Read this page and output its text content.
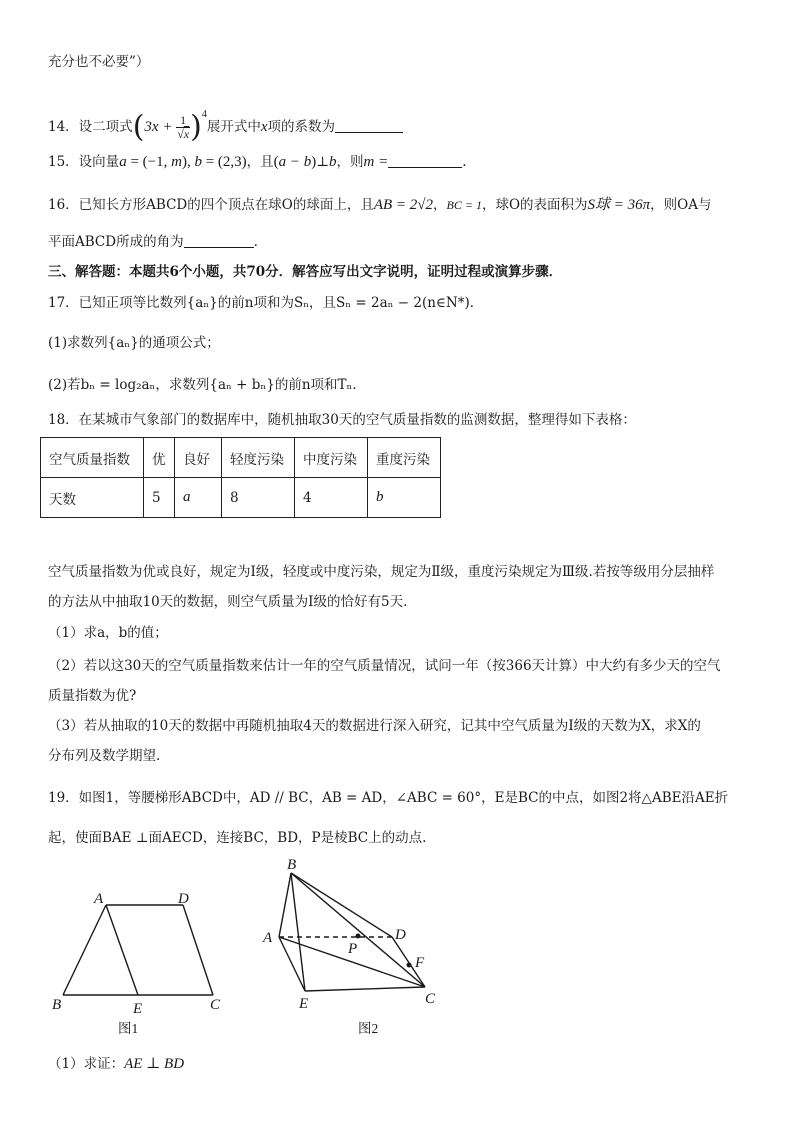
充分也不必要”）
14．设二项式$(3x + \frac{1}{√x} )^4$展开式中x项的系数为
15．设向量a = (−1, m), b = (2,3)，且(a − b)⊥b，则m =	.
16．已知长方形ABCD的四个顶点在球O的球面上，且AB = 2√2，BC = 1，球O的表面积为S球 = 36π，则OA与
平面ABCD所成的角为	.
三、解答题：本题共6个小题，共70分．解答应写出文字说明，证明过程或演算步骤．
17．已知正项等比数列{aₙ}的前n项和为Sₙ，且Sₙ = 2aₙ − 2(n∈N*)．
(1)求数列{aₙ}的通项公式；
(2)若bₙ = log₂aₙ，求数列{aₙ + bₙ}的前n项和Tₙ．
18．在某城市气象部门的数据库中，随机抽取30天的空气质量指数的监测数据，整理得如下表格：
空气质量指数	优	良好	轻度污染	中度污染	重度污染
天数	5	a	8	4	b
空气质量指数为优或良好，规定为Ⅰ级，轻度或中度污染，规定为Ⅱ级，重度污染规定为Ⅲ级.若按等级用分层抽样
的方法从中抽取10天的数据，则空气质量为Ⅰ级的恰好有5天.
（1）求a，b的值；
（2）若以这30天的空气质量指数来估计一年的空气质量情况，试问一年（按366天计算）中大约有多少天的空气
质量指数为优?
（3）若从抽取的10天的数据中再随机抽取4天的数据进行深入研究，记其中空气质量为Ⅰ级的天数为X，求X的
分布列及数学期望.
19．如图1，等腰梯形ABCD中，AD // BC，AB = AD，∠ABC = 60°，E是BC的中点，如图2将△ABE沿AE折
起，使面BAE ⊥面AECD，连接BC，BD，P是棱BC上的动点.
A	D
B	E	C
图1
B
A	D
P
F
E	C
图2
（1）求证：AE ⊥ BD
